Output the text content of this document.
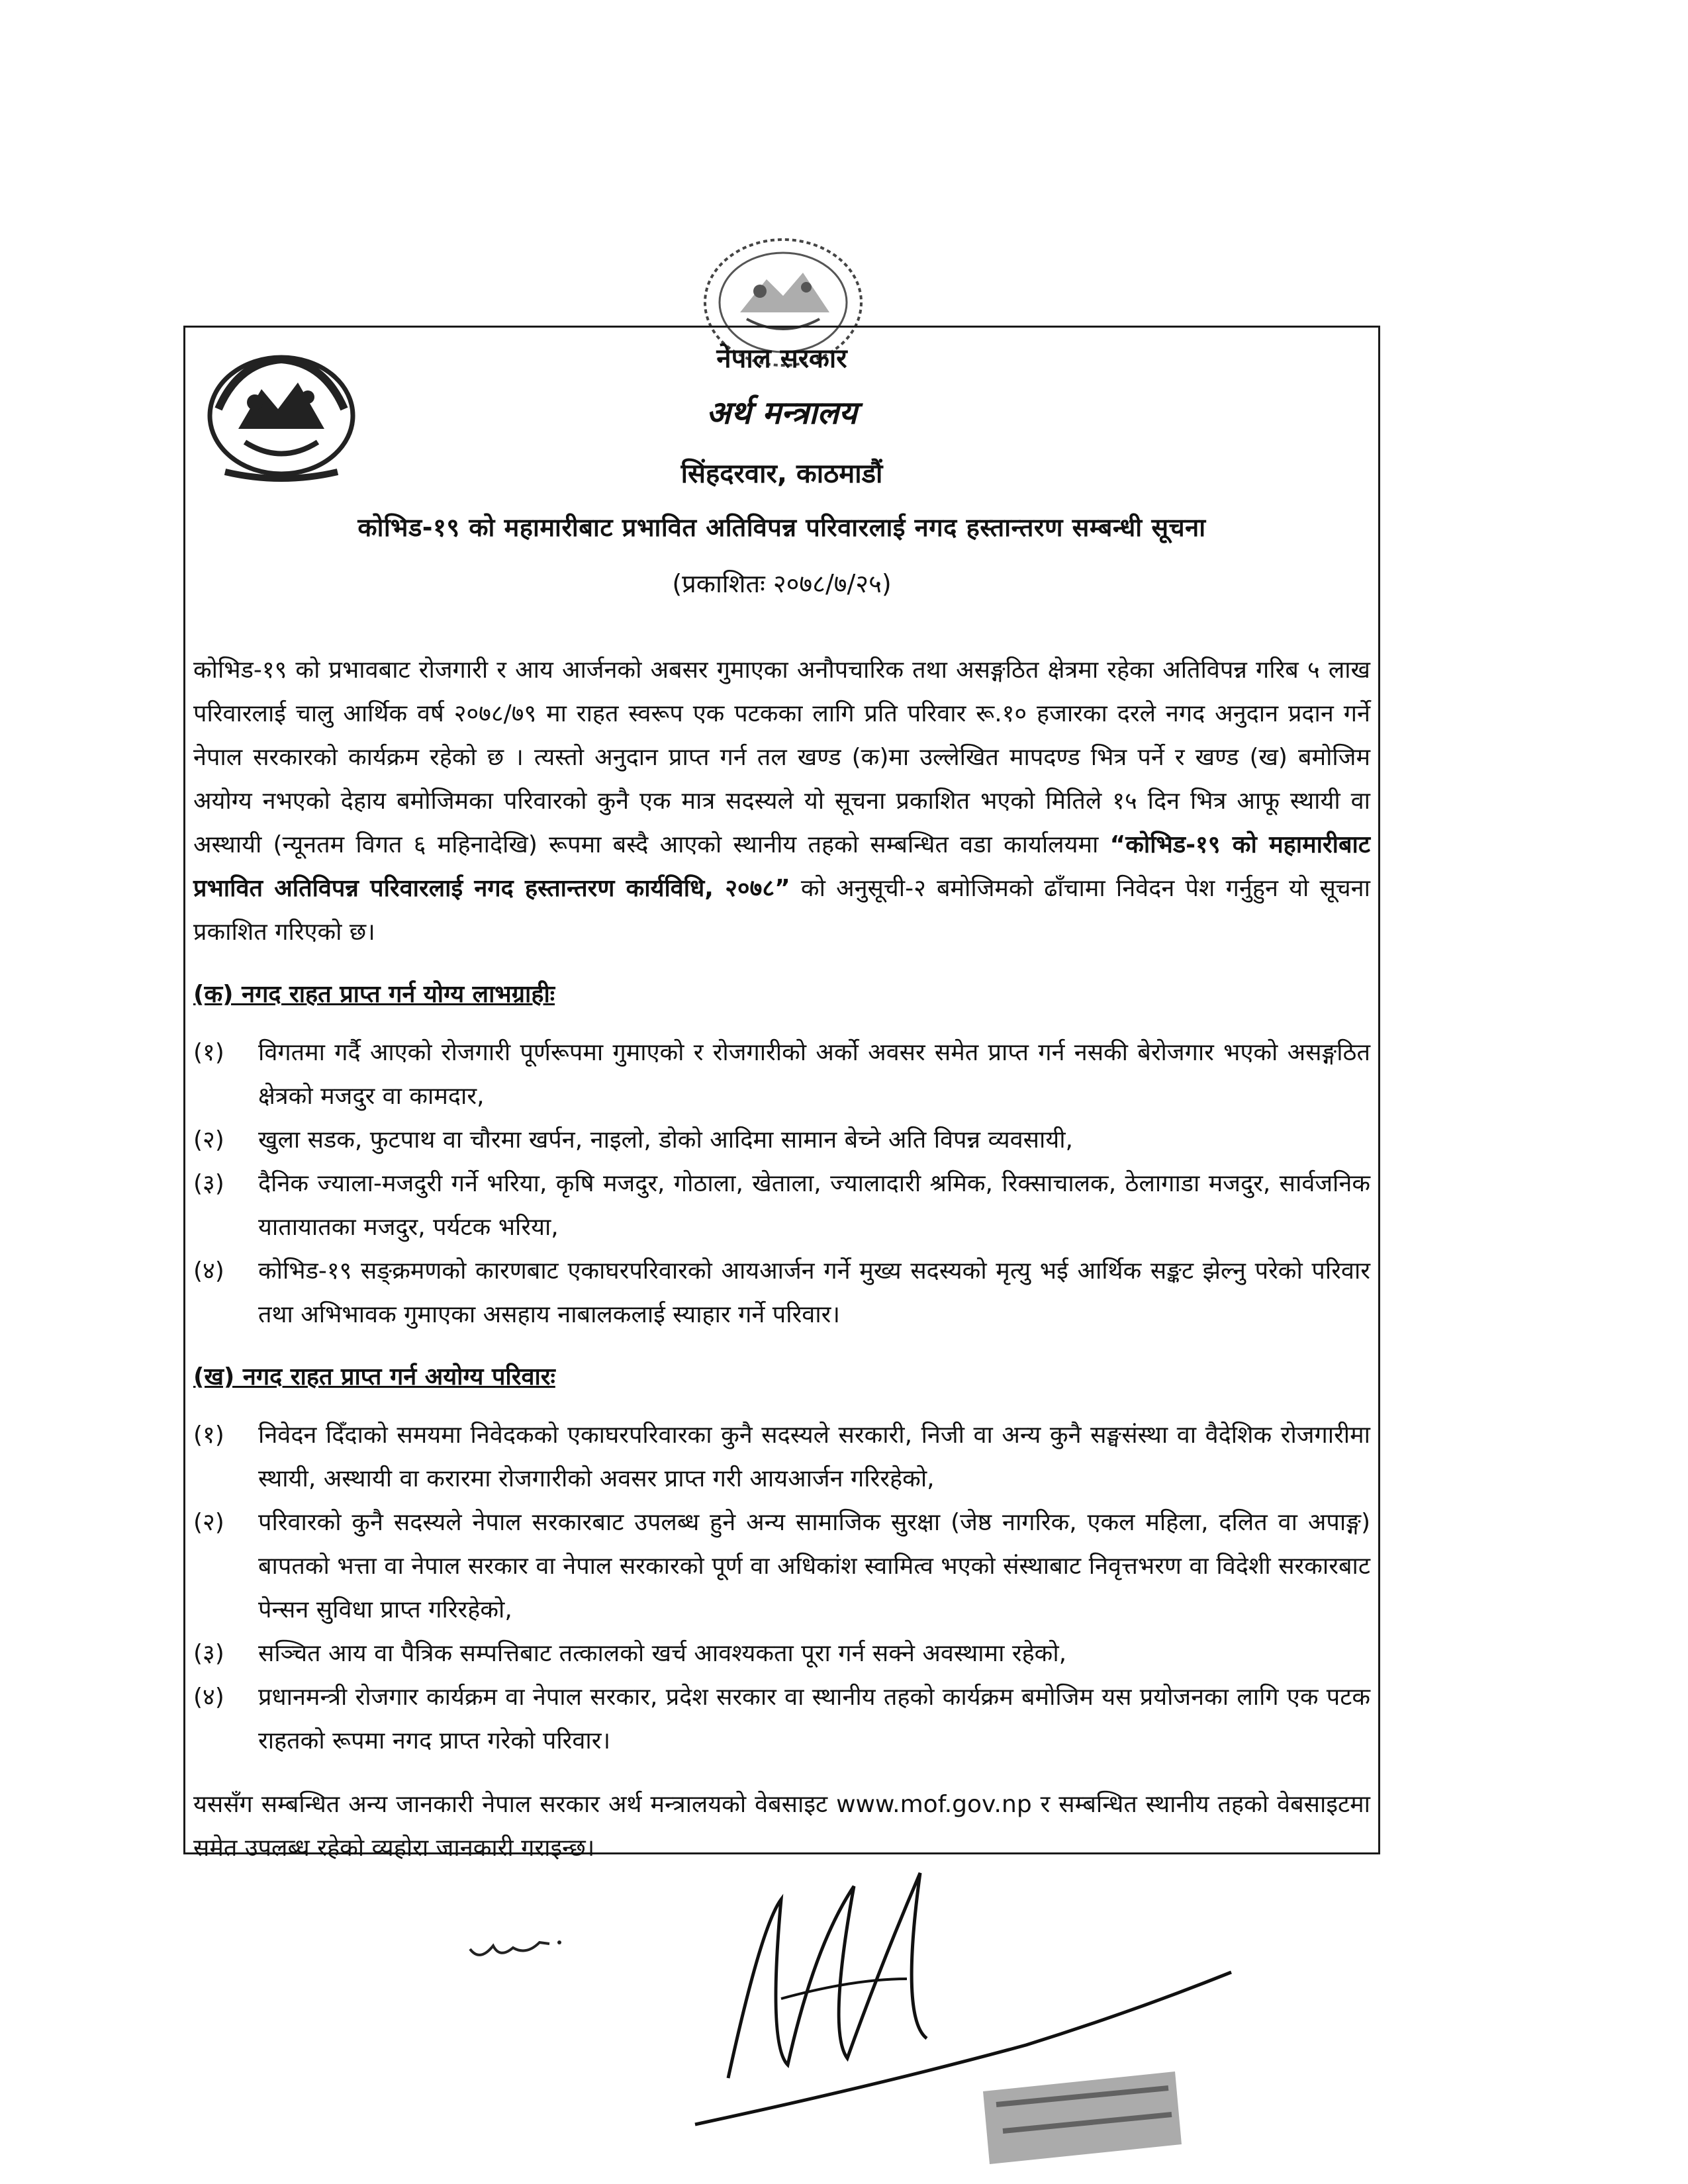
नेपाल सरकार
अर्थ मन्त्रालय
सिंहदरवार, काठमाडौं
कोभिड-१९ को महामारीबाट प्रभावित अतिविपन्न परिवारलाई नगद हस्तान्तरण सम्बन्धी सूचना
(प्रकाशितः २०७८/७/२५)

कोभिड-१९ को प्रभावबाट रोजगारी र आय आर्जनको अबसर गुमाएका अनौपचारिक तथा असङ्गठित क्षेत्रमा रहेका अतिविपन्न गरिब ५ लाख परिवारलाई चालु आर्थिक वर्ष २०७८/७९ मा राहत स्वरूप एक पटकका लागि प्रति परिवार रू.१० हजारका दरले नगद अनुदान प्रदान गर्ने नेपाल सरकारको कार्यक्रम रहेको छ । त्यस्तो अनुदान प्राप्त गर्न तल खण्ड (क)मा उल्लेखित मापदण्ड भित्र पर्ने र खण्ड (ख) बमोजिम अयोग्य नभएको देहाय बमोजिमका परिवारको कुनै एक मात्र सदस्यले यो सूचना प्रकाशित भएको मितिले १५ दिन भित्र आफू स्थायी वा अस्थायी (न्यूनतम विगत ६ महिनादेखि) रूपमा बस्दै आएको स्थानीय तहको सम्बन्धित वडा कार्यालयमा “कोभिड-१९ को महामारीबाट प्रभावित अतिविपन्न परिवारलाई नगद हस्तान्तरण कार्यविधि, २०७८” को अनुसूची-२ बमोजिमको ढाँचामा निवेदन पेश गर्नुहुन यो सूचना प्रकाशित गरिएको छ।

(क) नगद राहत प्राप्त गर्न योग्य लाभग्राहीः

(१)	विगतमा गर्दै आएको रोजगारी पूर्णरूपमा गुमाएको र रोजगारीको अर्को अवसर समेत प्राप्त गर्न नसकी बेरोजगार भएको असङ्गठित क्षेत्रको मजदुर वा कामदार,
(२)	खुला सडक, फुटपाथ वा चौरमा खर्पन, नाइलो, डोको आदिमा सामान बेच्ने अति विपन्न व्यवसायी,
(३)	दैनिक ज्याला-मजदुरी गर्ने भरिया, कृषि मजदुर, गोठाला, खेताला, ज्यालादारी श्रमिक, रिक्साचालक, ठेलागाडा मजदुर, सार्वजनिक यातायातका मजदुर, पर्यटक भरिया,
(४)	कोभिड-१९ सङ्क्रमणको कारणबाट एकाघरपरिवारको आयआर्जन गर्ने मुख्य सदस्यको मृत्यु भई आर्थिक सङ्कट झेल्नु परेको परिवार तथा अभिभावक गुमाएका असहाय नाबालकलाई स्याहार गर्ने परिवार।

(ख) नगद राहत प्राप्त गर्न अयोग्य परिवारः

(१)	निवेदन दिँदाको समयमा निवेदकको एकाघरपरिवारका कुनै सदस्यले सरकारी, निजी वा अन्य कुनै सङ्घसंस्था वा वैदेशिक रोजगारीमा स्थायी, अस्थायी वा करारमा रोजगारीको अवसर प्राप्त गरी आयआर्जन गरिरहेको,
(२)	परिवारको कुनै सदस्यले नेपाल सरकारबाट उपलब्ध हुने अन्य सामाजिक सुरक्षा (जेष्ठ नागरिक, एकल महिला, दलित वा अपाङ्ग) बापतको भत्ता वा नेपाल सरकार वा नेपाल सरकारको पूर्ण वा अधिकांश स्वामित्व भएको संस्थाबाट निवृत्तभरण वा विदेशी सरकारबाट पेन्सन सुविधा प्राप्त गरिरहेको,
(३)	सञ्चित आय वा पैत्रिक सम्पत्तिबाट तत्कालको खर्च आवश्यकता पूरा गर्न सक्ने अवस्थामा रहेको,
(४)	प्रधानमन्त्री रोजगार कार्यक्रम वा नेपाल सरकार, प्रदेश सरकार वा स्थानीय तहको कार्यक्रम बमोजिम यस प्रयोजनका लागि एक पटक राहतको रूपमा नगद प्राप्त गरेको परिवार।

यससँग सम्बन्धित अन्य जानकारी नेपाल सरकार अर्थ मन्त्रालयको वेबसाइट www.mof.gov.np र सम्बन्धित स्थानीय तहको वेबसाइटमा समेत उपलब्ध रहेको व्यहोरा जानकारी गराइन्छ।
